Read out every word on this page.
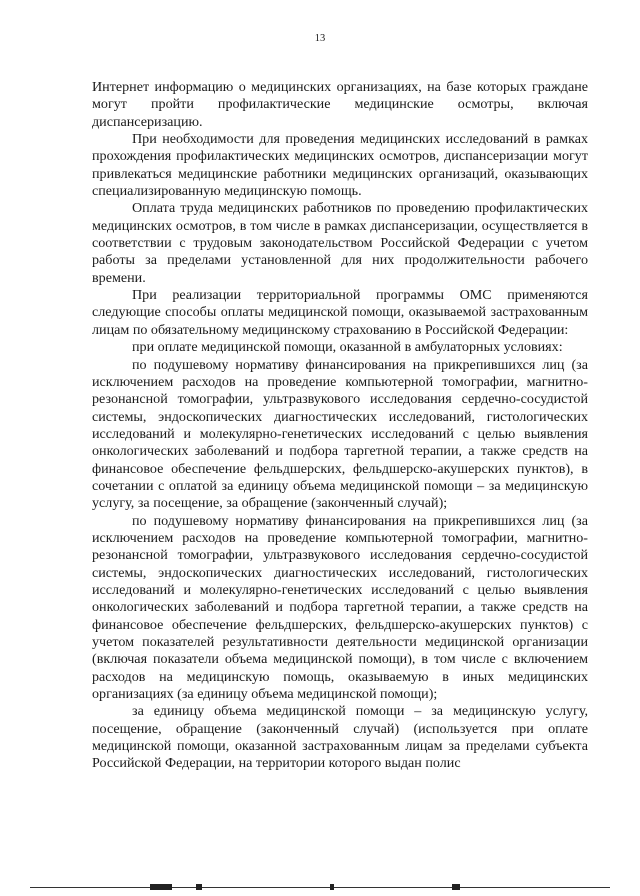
13

Интернет информацию о медицинских организациях, на базе которых граждане могут пройти профилактические медицинские осмотры, включая диспансеризацию.

При необходимости для проведения медицинских исследований в рамках прохождения профилактических медицинских осмотров, диспансеризации могут привлекаться медицинские работники медицинских организаций, оказывающих специализированную медицинскую помощь.

Оплата труда медицинских работников по проведению профилактических медицинских осмотров, в том числе в рамках диспансеризации, осуществляется в соответствии с трудовым законодательством Российской Федерации с учетом работы за пределами установленной для них продолжительности рабочего времени.

При реализации территориальной программы ОМС применяются следующие способы оплаты медицинской помощи, оказываемой застрахованным лицам по обязательному медицинскому страхованию в Российской Федерации:

при оплате медицинской помощи, оказанной в амбулаторных условиях:

по подушевому нормативу финансирования на прикрепившихся лиц (за исключением расходов на проведение компьютерной томографии, магнитно-резонансной томографии, ультразвукового исследования сердечно-сосудистой системы, эндоскопических диагностических исследований, гистологических исследований и молекулярно-генетических исследований с целью выявления онкологических заболеваний и подбора таргетной терапии, а также средств на финансовое обеспечение фельдшерских, фельдшерско-акушерских пунктов), в сочетании с оплатой за единицу объема медицинской помощи – за медицинскую услугу, за посещение, за обращение (законченный случай);

по подушевому нормативу финансирования на прикрепившихся лиц (за исключением расходов на проведение компьютерной томографии, магнитно-резонансной томографии, ультразвукового исследования сердечно-сосудистой системы, эндоскопических диагностических исследований, гистологических исследований и молекулярно-генетических исследований с целью выявления онкологических заболеваний и подбора таргетной терапии, а также средств на финансовое обеспечение фельдшерских, фельдшерско-акушерских пунктов) с учетом показателей результативности деятельности медицинской организации (включая показатели объема медицинской помощи), в том числе с включением расходов на медицинскую помощь, оказываемую в иных медицинских организациях (за единицу объема медицинской помощи);

за единицу объема медицинской помощи – за медицинскую услугу, посещение, обращение (законченный случай) (используется при оплате медицинской помощи, оказанной застрахованным лицам за пределами субъекта Российской Федерации, на территории которого выдан полис
